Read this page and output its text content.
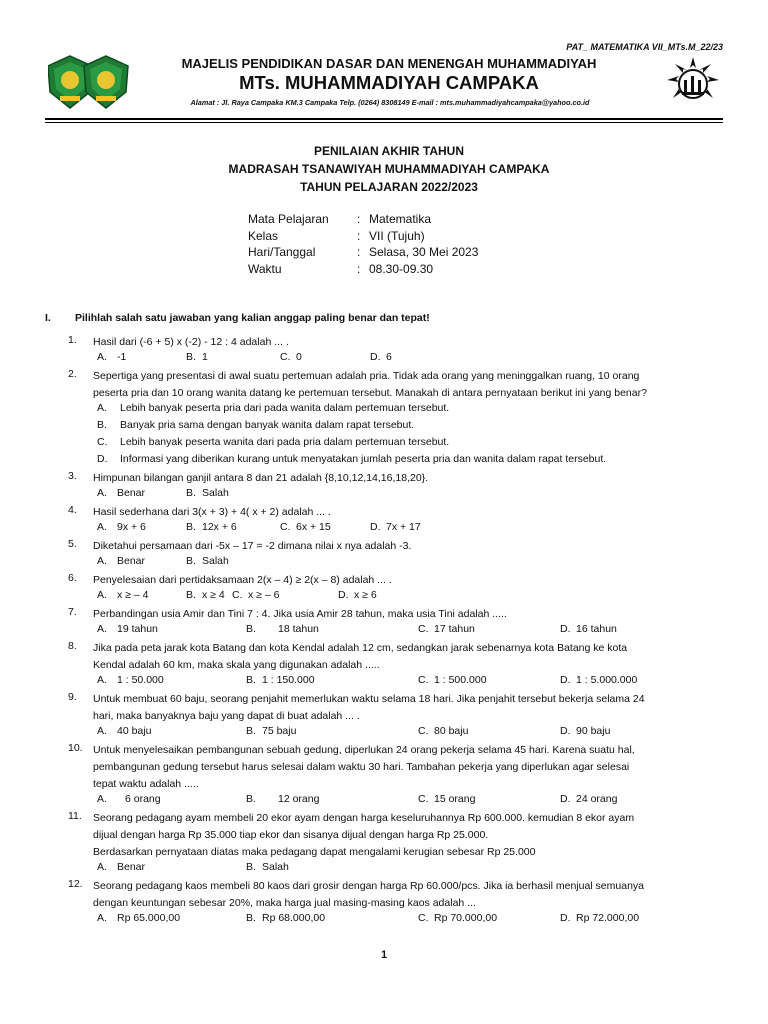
PAT_ MATEMATIKA VII_MTs.M_22/23
MAJELIS PENDIDIKAN DASAR DAN MENENGAH MUHAMMADIYAH
MTs. MUHAMMADIYAH CAMPAKA
Alamat : Jl. Raya Campaka KM.3 Campaka Telp. (0264) 8308149 E-mail : mts.muhammadiyahcampaka@yahoo.co.id
PENILAIAN AKHIR TAHUN
MADRASAH TSANAWIYAH MUHAMMADIYAH CAMPAKA
TAHUN PELAJARAN 2022/2023
Mata Pelajaran : Matematika
Kelas	: VII (Tujuh)
Hari/Tanggal	: Selasa, 30 Mei 2023
Waktu	: 08.30-09.30
I. Pilihlah salah satu jawaban yang kalian anggap paling benar dan tepat!
1. Hasil dari (-6 + 5) x (-2) - 12 : 4 adalah ... .
A. -1	B. 1	C. 0	D. 6
2. Sepertiga yang presentasi di awal suatu pertemuan adalah pria. Tidak ada orang yang meninggalkan ruang, 10 orang
peserta pria dan 10 orang wanita datang ke pertemuan tersebut. Manakah di antara pernyataan berikut ini yang benar?
A. Lebih banyak peserta pria dari pada wanita dalam pertemuan tersebut.
B. Banyak pria sama dengan banyak wanita dalam rapat tersebut.
C. Lebih banyak peserta wanita dari pada pria dalam pertemuan tersebut.
D. Informasi yang diberikan kurang untuk menyatakan jumlah peserta pria dan wanita dalam rapat tersebut.
3. Himpunan bilangan ganjil antara 8 dan 21 adalah {8,10,12,14,16,18,20}.
A. Benar	B. Salah
4. Hasil sederhana dari 3(x + 3) + 4( x + 2) adalah ... .
A. 9x + 6	B. 12x + 6	C. 6x + 15	D. 7x + 17
5. Diketahui persamaan dari -5x – 17 = -2 dimana nilai x nya adalah -3.
A. Benar	B. Salah
6. Penyelesaian dari pertidaksamaan 2(x – 4) ≥ 2(x – 8) adalah ... .
A. x ≥ – 4	B. x ≥ 4 C. x ≥ – 6	D. x ≥ 6
7. Perbandingan usia Amir dan Tini 7 : 4. Jika usia Amir 28 tahun, maka usia Tini adalah .....
A. 19 tahun	B. 18 tahun	C. 17 tahun	D. 16 tahun
8. Jika pada peta jarak kota Batang dan kota Kendal adalah 12 cm, sedangkan jarak sebenarnya kota Batang ke kota
Kendal adalah 60 km, maka skala yang digunakan adalah .....
A. 1 : 50.000	B. 1 : 150.000	C. 1 : 500.000	D. 1 : 5.000.000
9. Untuk membuat 60 baju, seorang penjahit memerlukan waktu selama 18 hari. Jika penjahit tersebut bekerja selama 24
hari, maka banyaknya baju yang dapat di buat adalah ... .
A. 40 baju	B. 75 baju	C. 80 baju	D. 90 baju
10. Untuk menyelesaikan pembangunan sebuah gedung, diperlukan 24 orang pekerja selama 45 hari. Karena suatu hal,
pembangunan gedung tersebut harus selesai dalam waktu 30 hari. Tambahan pekerja yang diperlukan agar selesai
tepat waktu adalah .....
A. 6 orang	B. 12 orang	C. 15 orang	D. 24 orang
11. Seorang pedagang ayam membeli 20 ekor ayam dengan harga keseluruhannya Rp 600.000. kemudian 8 ekor ayam
dijual dengan harga Rp 35.000 tiap ekor dan sisanya dijual dengan harga Rp 25.000.
Berdasarkan pernyataan diatas maka pedagang dapat mengalami kerugian sebesar Rp 25.000
A. Benar	B. Salah
12. Seorang pedagang kaos membeli 80 kaos dari grosir dengan harga Rp 60.000/pcs. Jika ia berhasil menjual semuanya
dengan keuntungan sebesar 20%, maka harga jual masing-masing kaos adalah ...
A. Rp 65.000,00	B. Rp 68.000,00	C. Rp 70.000,00	D. Rp 72.000,00
1
